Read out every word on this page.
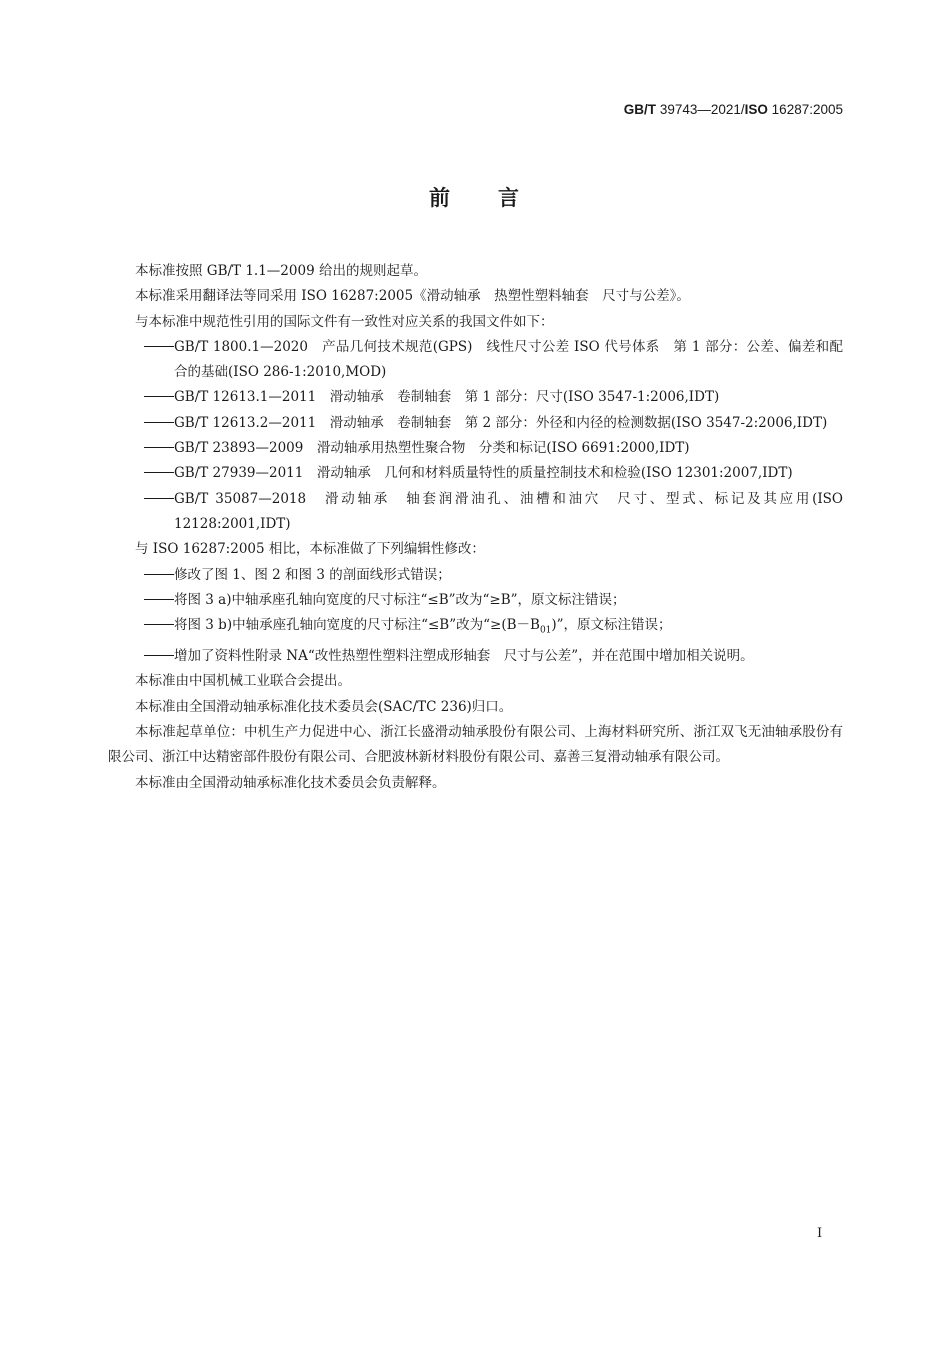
GB/T 39743—2021/ISO 16287:2005
前 言
本标准按照 GB/T 1.1—2009 给出的规则起草。
本标准采用翻译法等同采用 ISO 16287:2005《滑动轴承　热塑性塑料轴套　尺寸与公差》。
与本标准中规范性引用的国际文件有一致性对应关系的我国文件如下：
GB/T 1800.1—2020　产品几何技术规范(GPS)　线性尺寸公差 ISO 代号体系　第 1 部分：公差、偏差和配合的基础(ISO 286-1:2010,MOD)
GB/T 12613.1—2011　滑动轴承　卷制轴套　第 1 部分：尺寸(ISO 3547-1:2006,IDT)
GB/T 12613.2—2011　滑动轴承　卷制轴套　第 2 部分：外径和内径的检测数据(ISO 3547-2:2006,IDT)
GB/T 23893—2009　滑动轴承用热塑性聚合物　分类和标记(ISO 6691:2000,IDT)
GB/T 27939—2011　滑动轴承　几何和材料质量特性的质量控制技术和检验(ISO 12301:2007,IDT)
GB/T 35087—2018　滑动轴承　轴套润滑油孔、油槽和油穴　尺寸、型式、标记及其应用(ISO 12128:2001,IDT)
与 ISO 16287:2005 相比，本标准做了下列编辑性修改：
修改了图 1、图 2 和图 3 的剖面线形式错误；
将图 3 a)中轴承座孔轴向宽度的尺寸标注“≤B”改为“≥B”，原文标注错误；
将图 3 b)中轴承座孔轴向宽度的尺寸标注“≤B”改为“$\ge(B-B_{01})$”，原文标注错误；
增加了资料性附录 NA“改性热塑性塑料注塑成形轴套　尺寸与公差”，并在范围中增加相关说明。
本标准由中国机械工业联合会提出。
本标准由全国滑动轴承标准化技术委员会(SAC/TC 236)归口。
本标准起草单位：中机生产力促进中心、浙江长盛滑动轴承股份有限公司、上海材料研究所、浙江双飞无油轴承股份有限公司、浙江中达精密部件股份有限公司、合肥波林新材料股份有限公司、嘉善三复滑动轴承有限公司。
本标准由全国滑动轴承标准化技术委员会负责解释。
I
